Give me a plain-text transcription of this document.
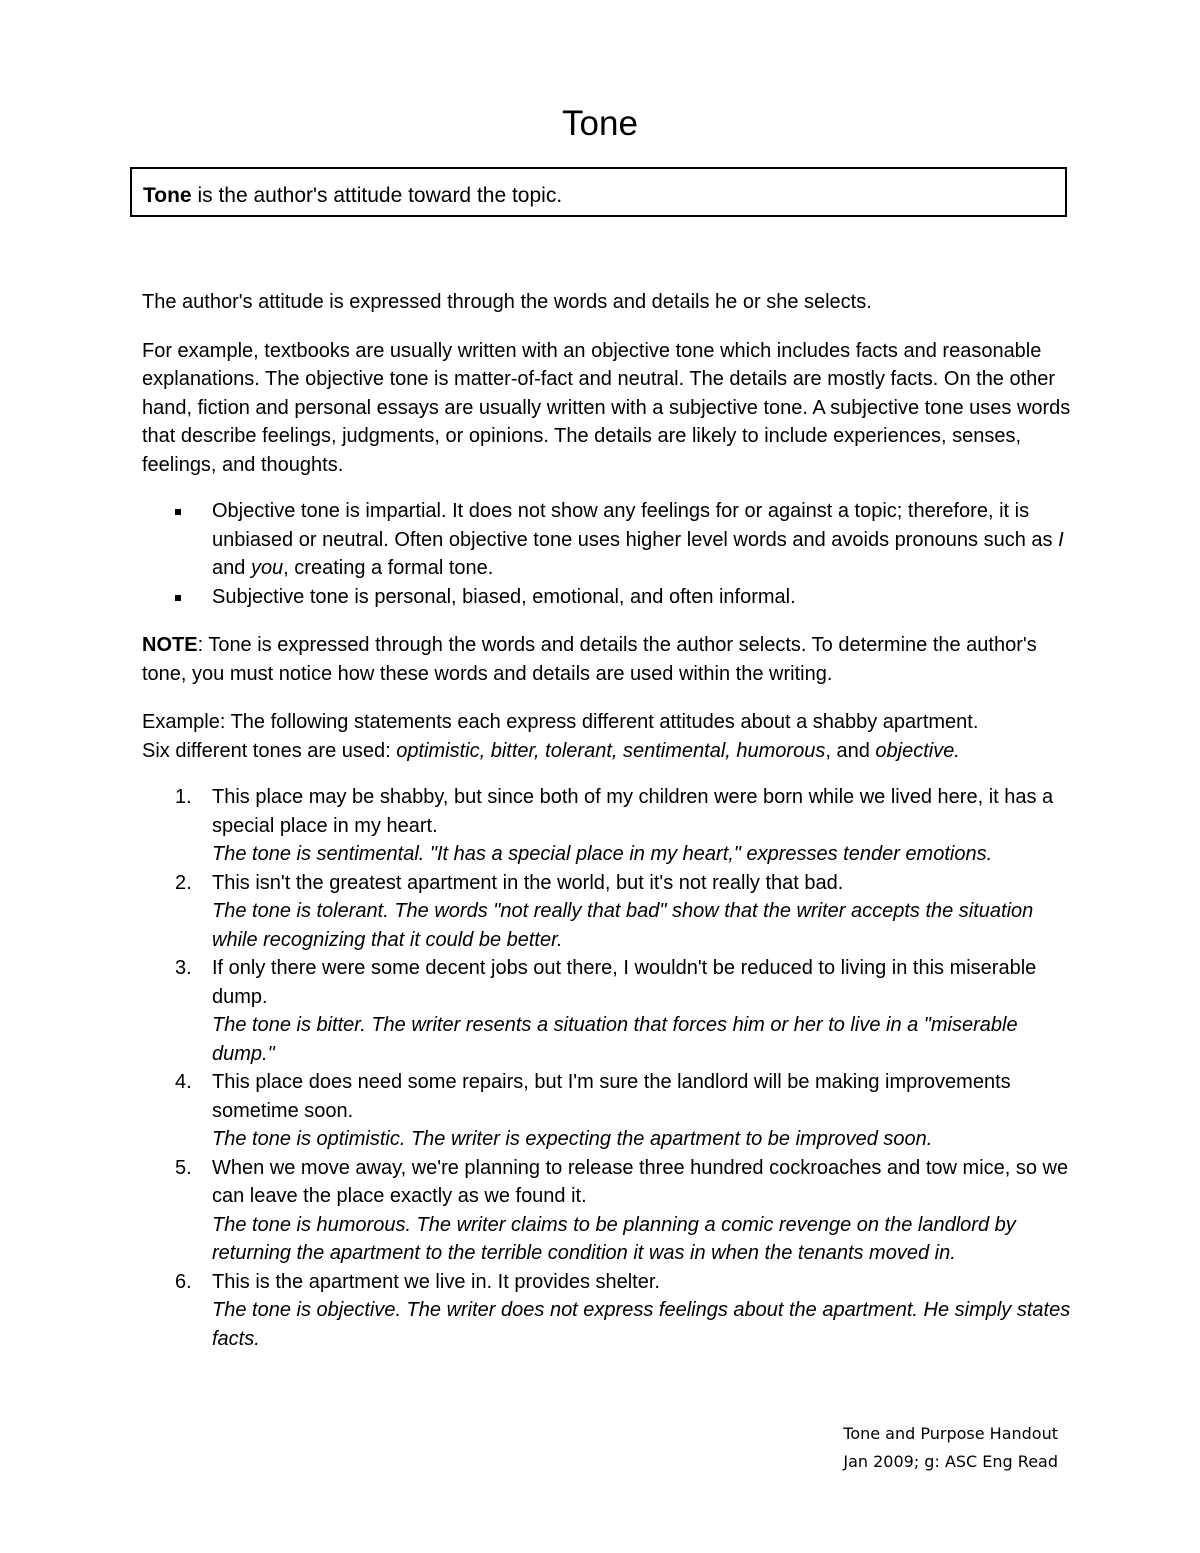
Tone
Tone is the author's attitude toward the topic.

The author's attitude is expressed through the words and details he or she selects.

For example, textbooks are usually written with an objective tone which includes facts and reasonable explanations. The objective tone is matter-of-fact and neutral. The details are mostly facts. On the other hand, fiction and personal essays are usually written with a subjective tone. A subjective tone uses words that describe feelings, judgments, or opinions. The details are likely to include experiences, senses, feelings, and thoughts.

Objective tone is impartial. It does not show any feelings for or against a topic; therefore, it is unbiased or neutral. Often objective tone uses higher level words and avoids pronouns such as I and you, creating a formal tone.
Subjective tone is personal, biased, emotional, and often informal.

NOTE: Tone is expressed through the words and details the author selects. To determine the author's tone, you must notice how these words and details are used within the writing.

Example: The following statements each express different attitudes about a shabby apartment.
Six different tones are used: optimistic, bitter, tolerant, sentimental, humorous, and objective.

1. This place may be shabby, but since both of my children were born while we lived here, it has a special place in my heart.
The tone is sentimental. "It has a special place in my heart," expresses tender emotions.
2. This isn't the greatest apartment in the world, but it's not really that bad.
The tone is tolerant. The words "not really that bad" show that the writer accepts the situation while recognizing that it could be better.
3. If only there were some decent jobs out there, I wouldn't be reduced to living in this miserable dump.
The tone is bitter. The writer resents a situation that forces him or her to live in a "miserable dump."
4. This place does need some repairs, but I'm sure the landlord will be making improvements sometime soon.
The tone is optimistic. The writer is expecting the apartment to be improved soon.
5. When we move away, we're planning to release three hundred cockroaches and tow mice, so we can leave the place exactly as we found it.
The tone is humorous. The writer claims to be planning a comic revenge on the landlord by returning the apartment to the terrible condition it was in when the tenants moved in.
6. This is the apartment we live in. It provides shelter.
The tone is objective. The writer does not express feelings about the apartment. He simply states facts.
Tone and Purpose Handout
Jan 2009; g: ASC Eng Read
